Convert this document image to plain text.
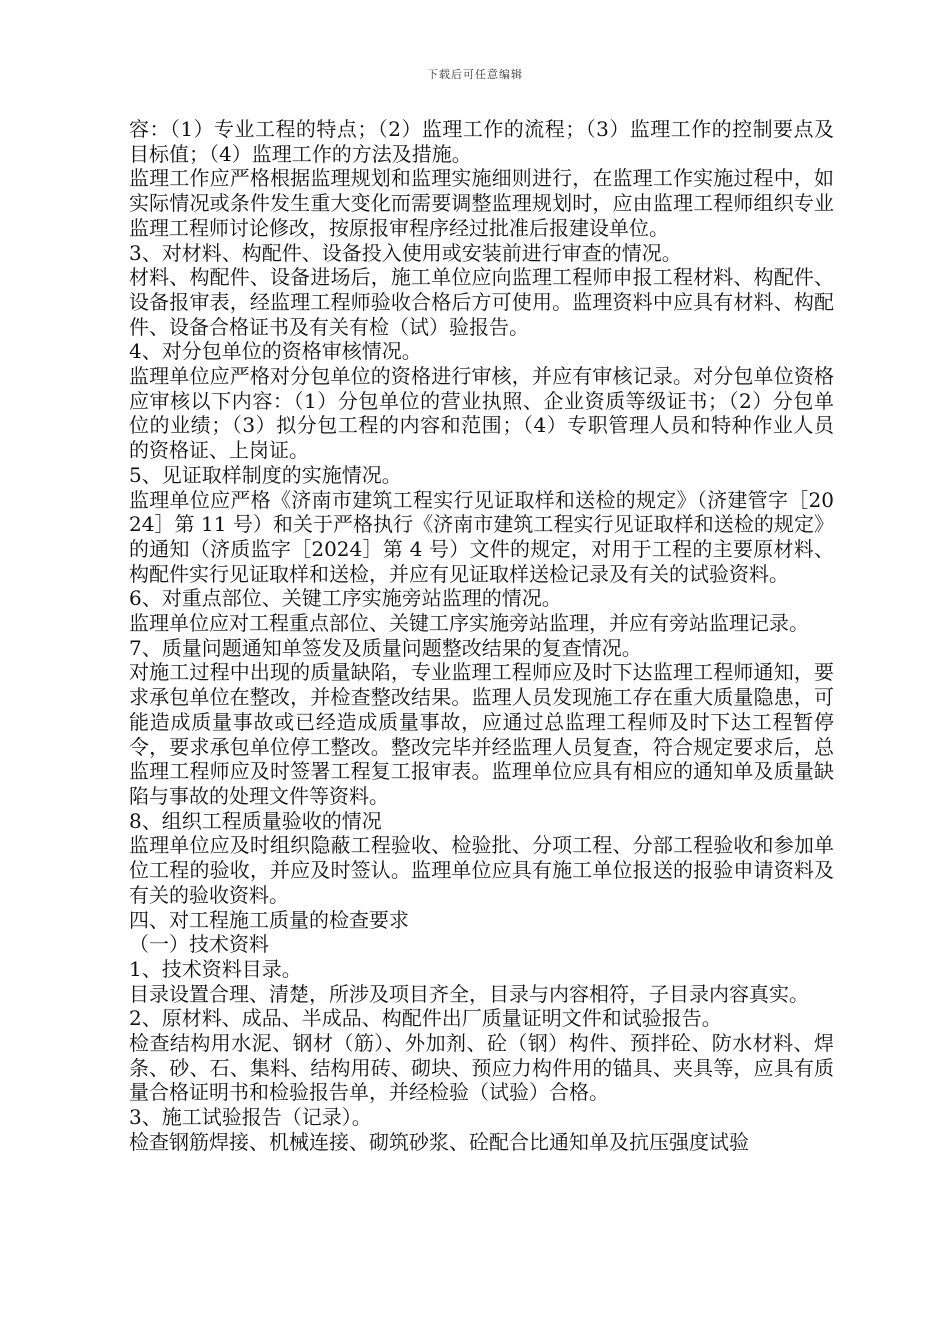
下载后可任意编辑

容：（1）专业工程的特点；（2）监理工作的流程；（3）监理工作的控制要点及目标值；（4）监理工作的方法及措施。

监理工作应严格根据监理规划和监理实施细则进行，在监理工作实施过程中，如实际情况或条件发生重大变化而需要调整监理规划时，应由监理工程师组织专业监理工程师讨论修改，按原报审程序经过批准后报建设单位。

3、对材料、构配件、设备投入使用或安装前进行审查的情况。

材料、构配件、设备进场后，施工单位应向监理工程师申报工程材料、构配件、设备报审表，经监理工程师验收合格后方可使用。监理资料中应具有材料、构配件、设备合格证书及有关有检（试）验报告。

4、对分包单位的资格审核情况。

监理单位应严格对分包单位的资格进行审核，并应有审核记录。对分包单位资格应审核以下内容：（1）分包单位的营业执照、企业资质等级证书；（2）分包单位的业绩；（3）拟分包工程的内容和范围；（4）专职管理人员和特种作业人员的资格证、上岗证。

5、见证取样制度的实施情况。

监理单位应严格《济南市建筑工程实行见证取样和送检的规定》（济建管字［2024］第 11 号）和关于严格执行《济南市建筑工程实行见证取样和送检的规定》的通知（济质监字［2024］第 4 号）文件的规定，对用于工程的主要原材料、构配件实行见证取样和送检，并应有见证取样送检记录及有关的试验资料。

6、对重点部位、关键工序实施旁站监理的情况。

监理单位应对工程重点部位、关键工序实施旁站监理，并应有旁站监理记录。

7、质量问题通知单签发及质量问题整改结果的复查情况。

对施工过程中出现的质量缺陷，专业监理工程师应及时下达监理工程师通知，要求承包单位在整改，并检查整改结果。监理人员发现施工存在重大质量隐患，可能造成质量事故或已经造成质量事故，应通过总监理工程师及时下达工程暂停令，要求承包单位停工整改。整改完毕并经监理人员复查，符合规定要求后，总监理工程师应及时签署工程复工报审表。监理单位应具有相应的通知单及质量缺陷与事故的处理文件等资料。

8、组织工程质量验收的情况

监理单位应及时组织隐蔽工程验收、检验批、分项工程、分部工程验收和参加单位工程的验收，并应及时签认。监理单位应具有施工单位报送的报验申请资料及有关的验收资料。

四、对工程施工质量的检查要求

（一）技术资料

1、技术资料目录。

目录设置合理、清楚，所涉及项目齐全，目录与内容相符，子目录内容真实。

2、原材料、成品、半成品、构配件出厂质量证明文件和试验报告。

检查结构用水泥、钢材（筋）、外加剂、砼（钢）构件、预拌砼、防水材料、焊条、砂、石、集料、结构用砖、砌块、预应力构件用的锚具、夹具等，应具有质量合格证明书和检验报告单，并经检验（试验）合格。

3、施工试验报告（记录）。

检查钢筋焊接、机械连接、砌筑砂浆、砼配合比通知单及抗压强度试验
